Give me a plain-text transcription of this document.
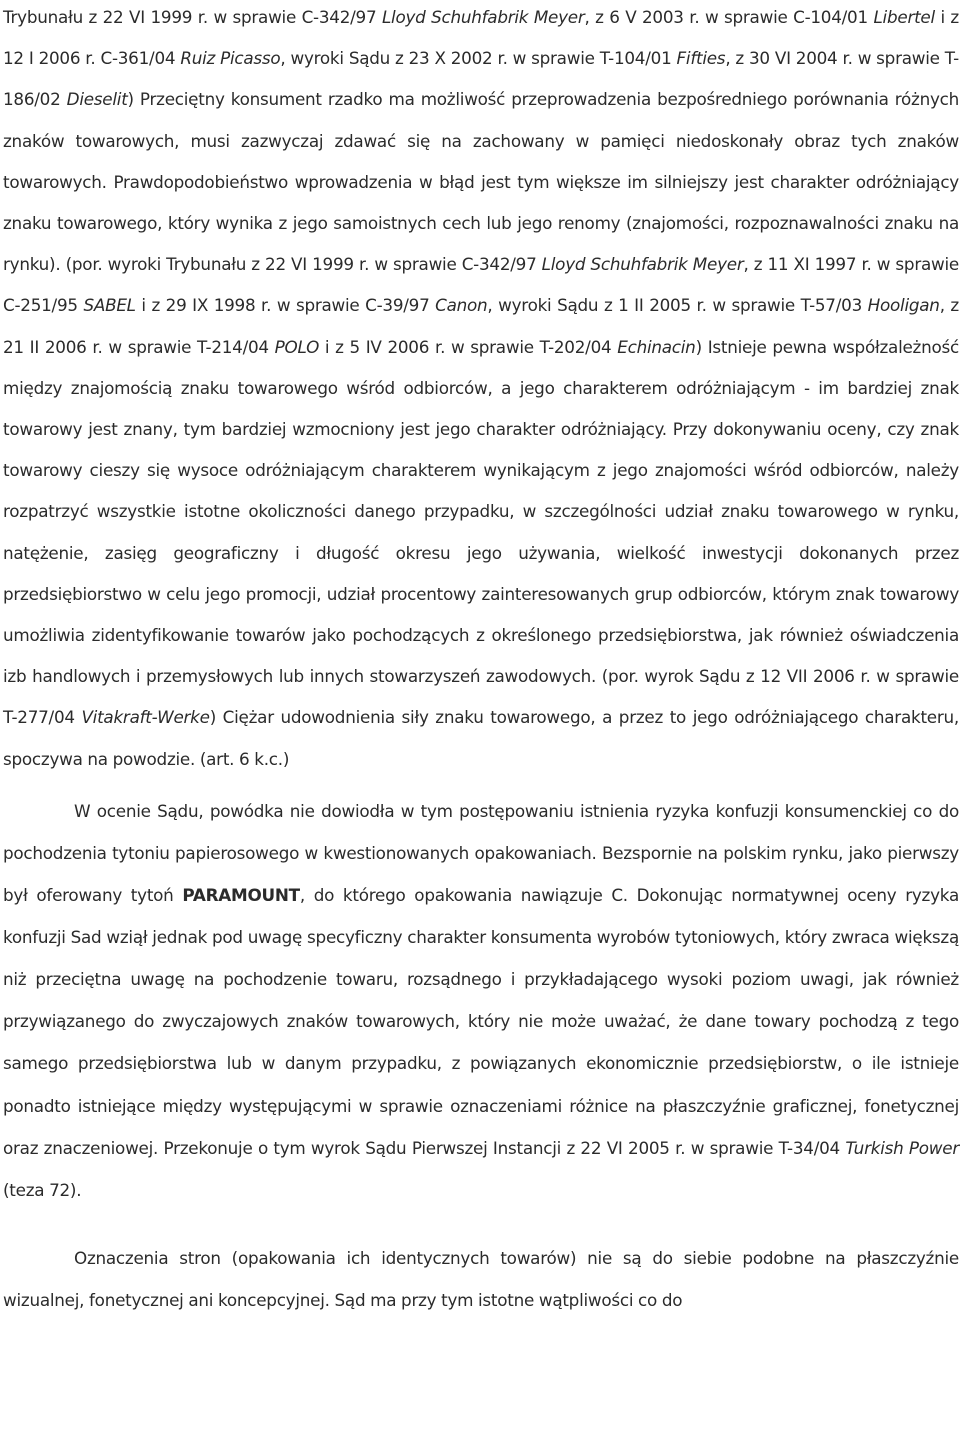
Trybunału z 22 VI 1999 r. w sprawie C-342/97 Lloyd Schuhfabrik Meyer, z 6 V 2003 r. w sprawie C-104/01 Libertel i z 12 I 2006 r. C-361/04 Ruiz Picasso, wyroki Sądu z 23 X 2002 r. w sprawie T-104/01 Fifties, z 30 VI 2004 r. w sprawie T-186/02 Dieselit) Przeciętny konsument rzadko ma możliwość przeprowadzenia bezpośredniego porównania różnych znaków towarowych, musi zazwyczaj zdawać się na zachowany w pamięci niedoskonały obraz tych znaków towarowych. Prawdopodobieństwo wprowadzenia w błąd jest tym większe im silniejszy jest charakter odróżniający znaku towarowego, który wynika z jego samoistnych cech lub jego renomy (znajomości, rozpoznawalności znaku na rynku). (por. wyroki Trybunału z 22 VI 1999 r. w sprawie C-342/97 Lloyd Schuhfabrik Meyer, z 11 XI 1997 r. w sprawie C-251/95 SABEL i z 29 IX 1998 r. w sprawie C-39/97 Canon, wyroki Sądu z 1 II 2005 r. w sprawie T-57/03 Hooligan, z 21 II 2006 r. w sprawie T-214/04 POLO i z 5 IV 2006 r. w sprawie T-202/04 Echinacin) Istnieje pewna współzależność między znajomością znaku towarowego wśród odbiorców, a jego charakterem odróżniającym - im bardziej znak towarowy jest znany, tym bardziej wzmocniony jest jego charakter odróżniający. Przy dokonywaniu oceny, czy znak towarowy cieszy się wysoce odróżniającym charakterem wynikającym z jego znajomości wśród odbiorców, należy rozpatrzyć wszystkie istotne okoliczności danego przypadku, w szczególności udział znaku towarowego w rynku, natężenie, zasięg geograficzny i długość okresu jego używania, wielkość inwestycji dokonanych przez przedsiębiorstwo w celu jego promocji, udział procentowy zainteresowanych grup odbiorców, którym znak towarowy umożliwia zidentyfikowanie towarów jako pochodzących z określonego przedsiębiorstwa, jak również oświadczenia izb handlowych i przemysłowych lub innych stowarzyszeń zawodowych. (por. wyrok Sądu z 12 VII 2006 r. w sprawie T-277/04 Vitakraft-Werke) Ciężar udowodnienia siły znaku towarowego, a przez to jego odróżniającego charakteru, spoczywa na powodzie. (art. 6 k.c.)

W ocenie Sądu, powódka nie dowiodła w tym postępowaniu istnienia ryzyka konfuzji konsumenckiej co do pochodzenia tytoniu papierosowego w kwestionowanych opakowaniach. Bezspornie na polskim rynku, jako pierwszy był oferowany tytoń PARAMOUNT, do którego opakowania nawiązuje C. Dokonując normatywnej oceny ryzyka konfuzji Sad wziął jednak pod uwagę specyficzny charakter konsumenta wyrobów tytoniowych, który zwraca większą niż przeciętna uwagę na pochodzenie towaru, rozsądnego i przykładającego wysoki poziom uwagi, jak również przywiązanego do zwyczajowych znaków towarowych, który nie może uważać, że dane towary pochodzą z tego samego przedsiębiorstwa lub w danym przypadku, z powiązanych ekonomicznie przedsiębiorstw, o ile istnieje ponadto istniejące między występującymi w sprawie oznaczeniami różnice na płaszczyźnie graficznej, fonetycznej oraz znaczeniowej. Przekonuje o tym wyrok Sądu Pierwszej Instancji z 22 VI 2005 r. w sprawie T-34/04 Turkish Power (teza 72).

Oznaczenia stron (opakowania ich identycznych towarów) nie są do siebie podobne na płaszczyźnie wizualnej, fonetycznej ani koncepcyjnej. Sąd ma przy tym istotne wątpliwości co do
